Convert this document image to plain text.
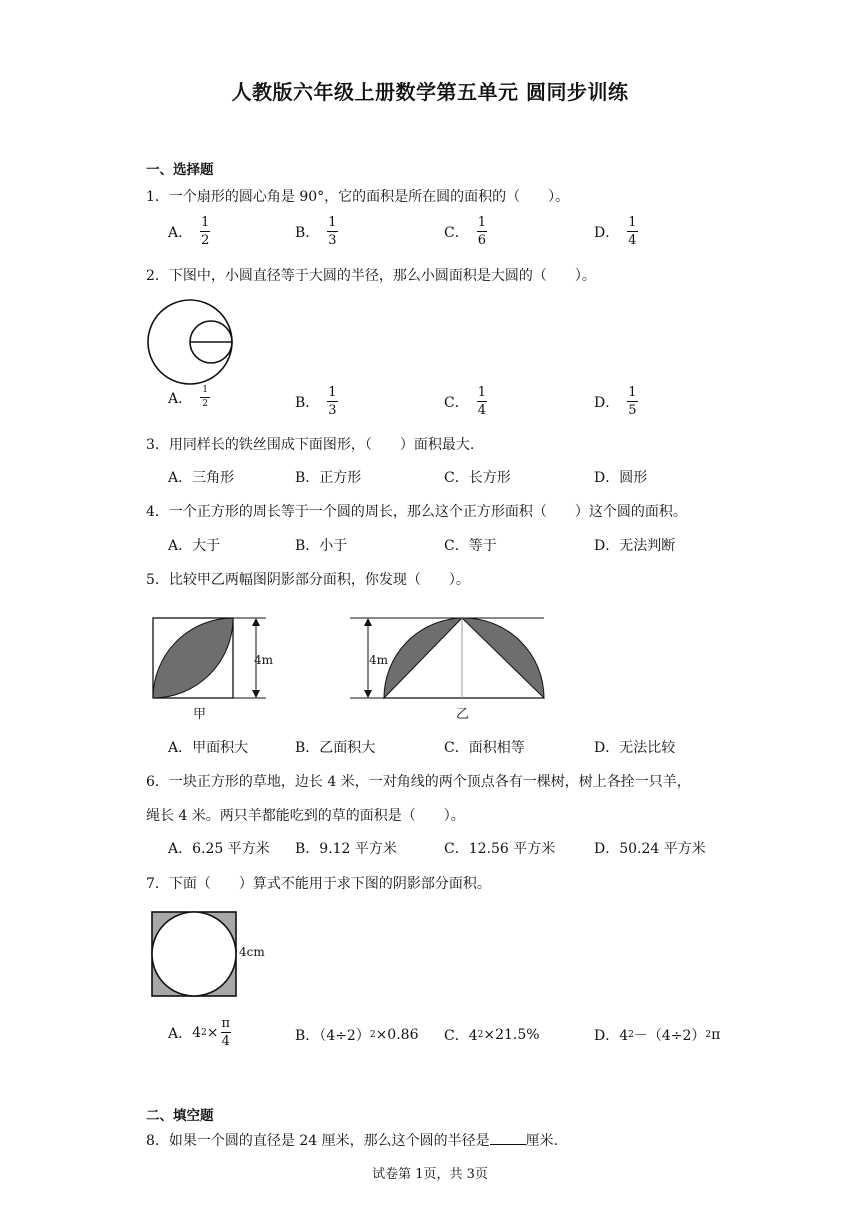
人教版六年级上册数学第五单元 圆同步训练
一、选择题
1．一个扇形的圆心角是 90°，它的面积是所在圆的面积的（　　）。
A． $\frac{1}{2}$	B． $\frac{1}{3}$	C． $\frac{1}{6}$	D． $\frac{1}{4}$
2．下图中，小圆直径等于大圆的半径，那么小圆面积是大圆的（　　）。
A． $\frac{1}{2}$	B． $\frac{1}{3}$	C． $\frac{1}{4}$	D． $\frac{1}{5}$
3．用同样长的铁丝围成下面图形，（　　）面积最大.
A．三角形	B．正方形	C．长方形	D．圆形
4．一个正方形的周长等于一个圆的周长，那么这个正方形面积（　　）这个圆的面积。
A．大于	B．小于	C．等于	D．无法判断
5．比较甲乙两幅图阴影部分面积，你发现（　　）。
4m
甲
4m
乙
A．甲面积大	B．乙面积大	C．面积相等	D．无法比较
6．一块正方形的草地，边长 4 米，一对角线的两个顶点各有一棵树，树上各拴一只羊，
绳长 4 米。两只羊都能吃到的草的面积是（　　）。
A．6.25 平方米 B．9.12 平方米	C．12.56 平方米	D．50.24 平方米
7．下面（　　）算式不能用于求下图的阴影部分面积。
4cm
A． 4 $2 \times \frac{\pi}{4}$	B．（4÷2） 2 ×0.86 C．4 2 ×21.5%	D．4 2 －（4÷2） 2 π
二、填空题
8．如果一个圆的直径是 24 厘米，那么这个圆的半径是	厘米.
试卷第 1页，共 3页
